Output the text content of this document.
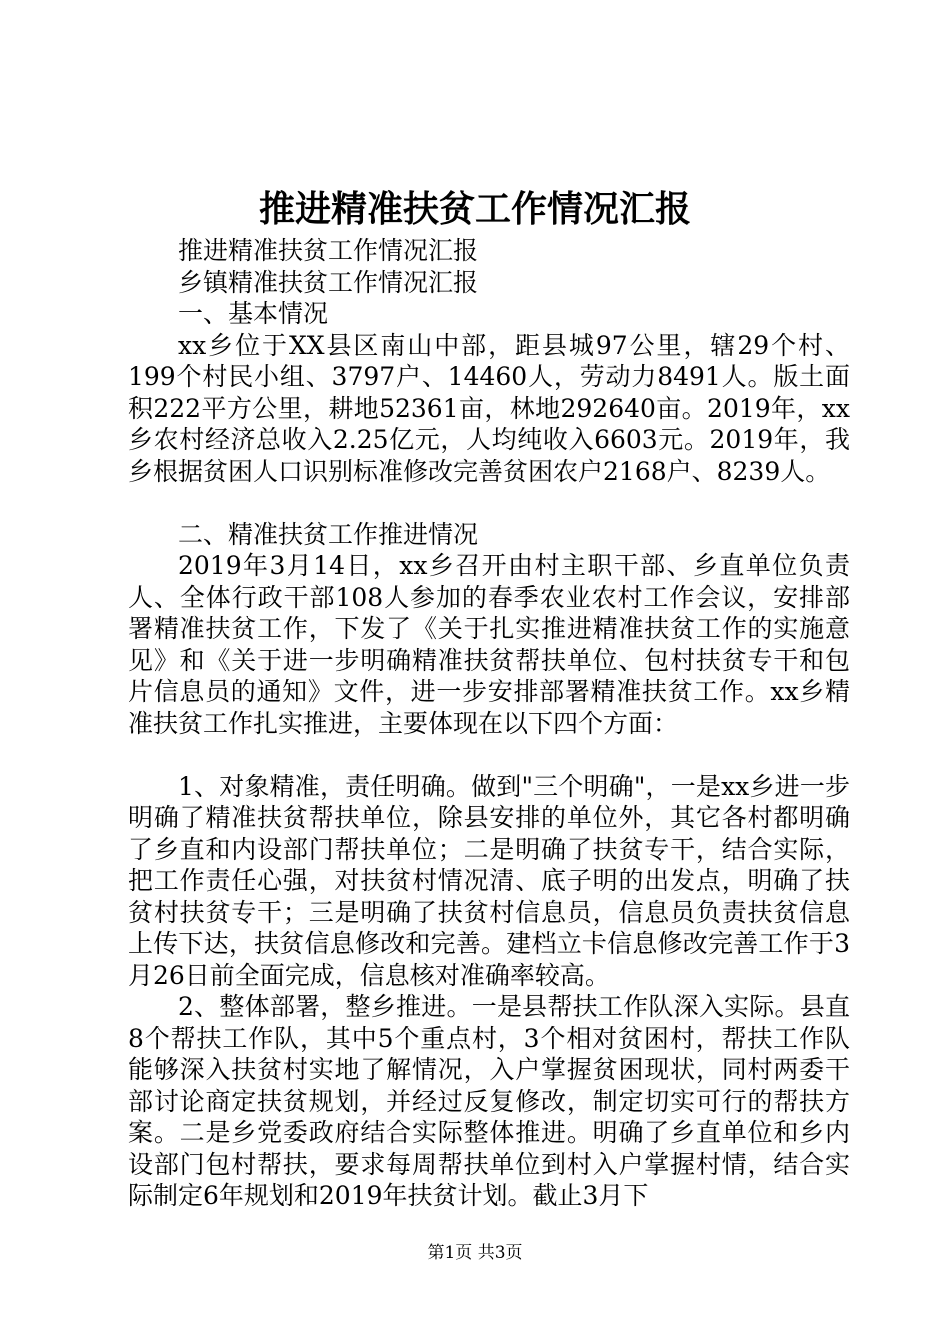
推进精准扶贫工作情况汇报

推进精准扶贫工作情况汇报

乡镇精准扶贫工作情况汇报

一、基本情况

xx乡位于XX县区南山中部，距县城97公里，辖29个村、199个村民小组、3797户、14460人，劳动力8491人。版土面积222平方公里，耕地52361亩，林地292640亩。2019年，xx乡农村经济总收入2.25亿元，人均纯收入6603元。2019年，我乡根据贫困人口识别标准修改完善贫困农户2168户、8239人。

二、精准扶贫工作推进情况

2019年3月14日，xx乡召开由村主职干部、乡直单位负责人、全体行政干部108人参加的春季农业农村工作会议，安排部署精准扶贫工作，下发了《关于扎实推进精准扶贫工作的实施意见》和《关于进一步明确精准扶贫帮扶单位、包村扶贫专干和包片信息员的通知》文件，进一步安排部署精准扶贫工作。xx乡精准扶贫工作扎实推进，主要体现在以下四个方面：

1、对象精准，责任明确。做到"三个明确"，一是xx乡进一步明确了精准扶贫帮扶单位，除县安排的单位外，其它各村都明确了乡直和内设部门帮扶单位；二是明确了扶贫专干，结合实际，把工作责任心强，对扶贫村情况清、底子明的出发点，明确了扶贫村扶贫专干；三是明确了扶贫村信息员，信息员负责扶贫信息上传下达，扶贫信息修改和完善。建档立卡信息修改完善工作于3月26日前全面完成，信息核对准确率较高。

2、整体部署，整乡推进。一是县帮扶工作队深入实际。县直8个帮扶工作队，其中5个重点村，3个相对贫困村，帮扶工作队能够深入扶贫村实地了解情况，入户掌握贫困现状，同村两委干部讨论商定扶贫规划，并经过反复修改，制定切实可行的帮扶方案。二是乡党委政府结合实际整体推进。明确了乡直单位和乡内设部门包村帮扶，要求每周帮扶单位到村入户掌握村情，结合实际制定6年规划和2019年扶贫计划。截止3月下

第1页 共3页
